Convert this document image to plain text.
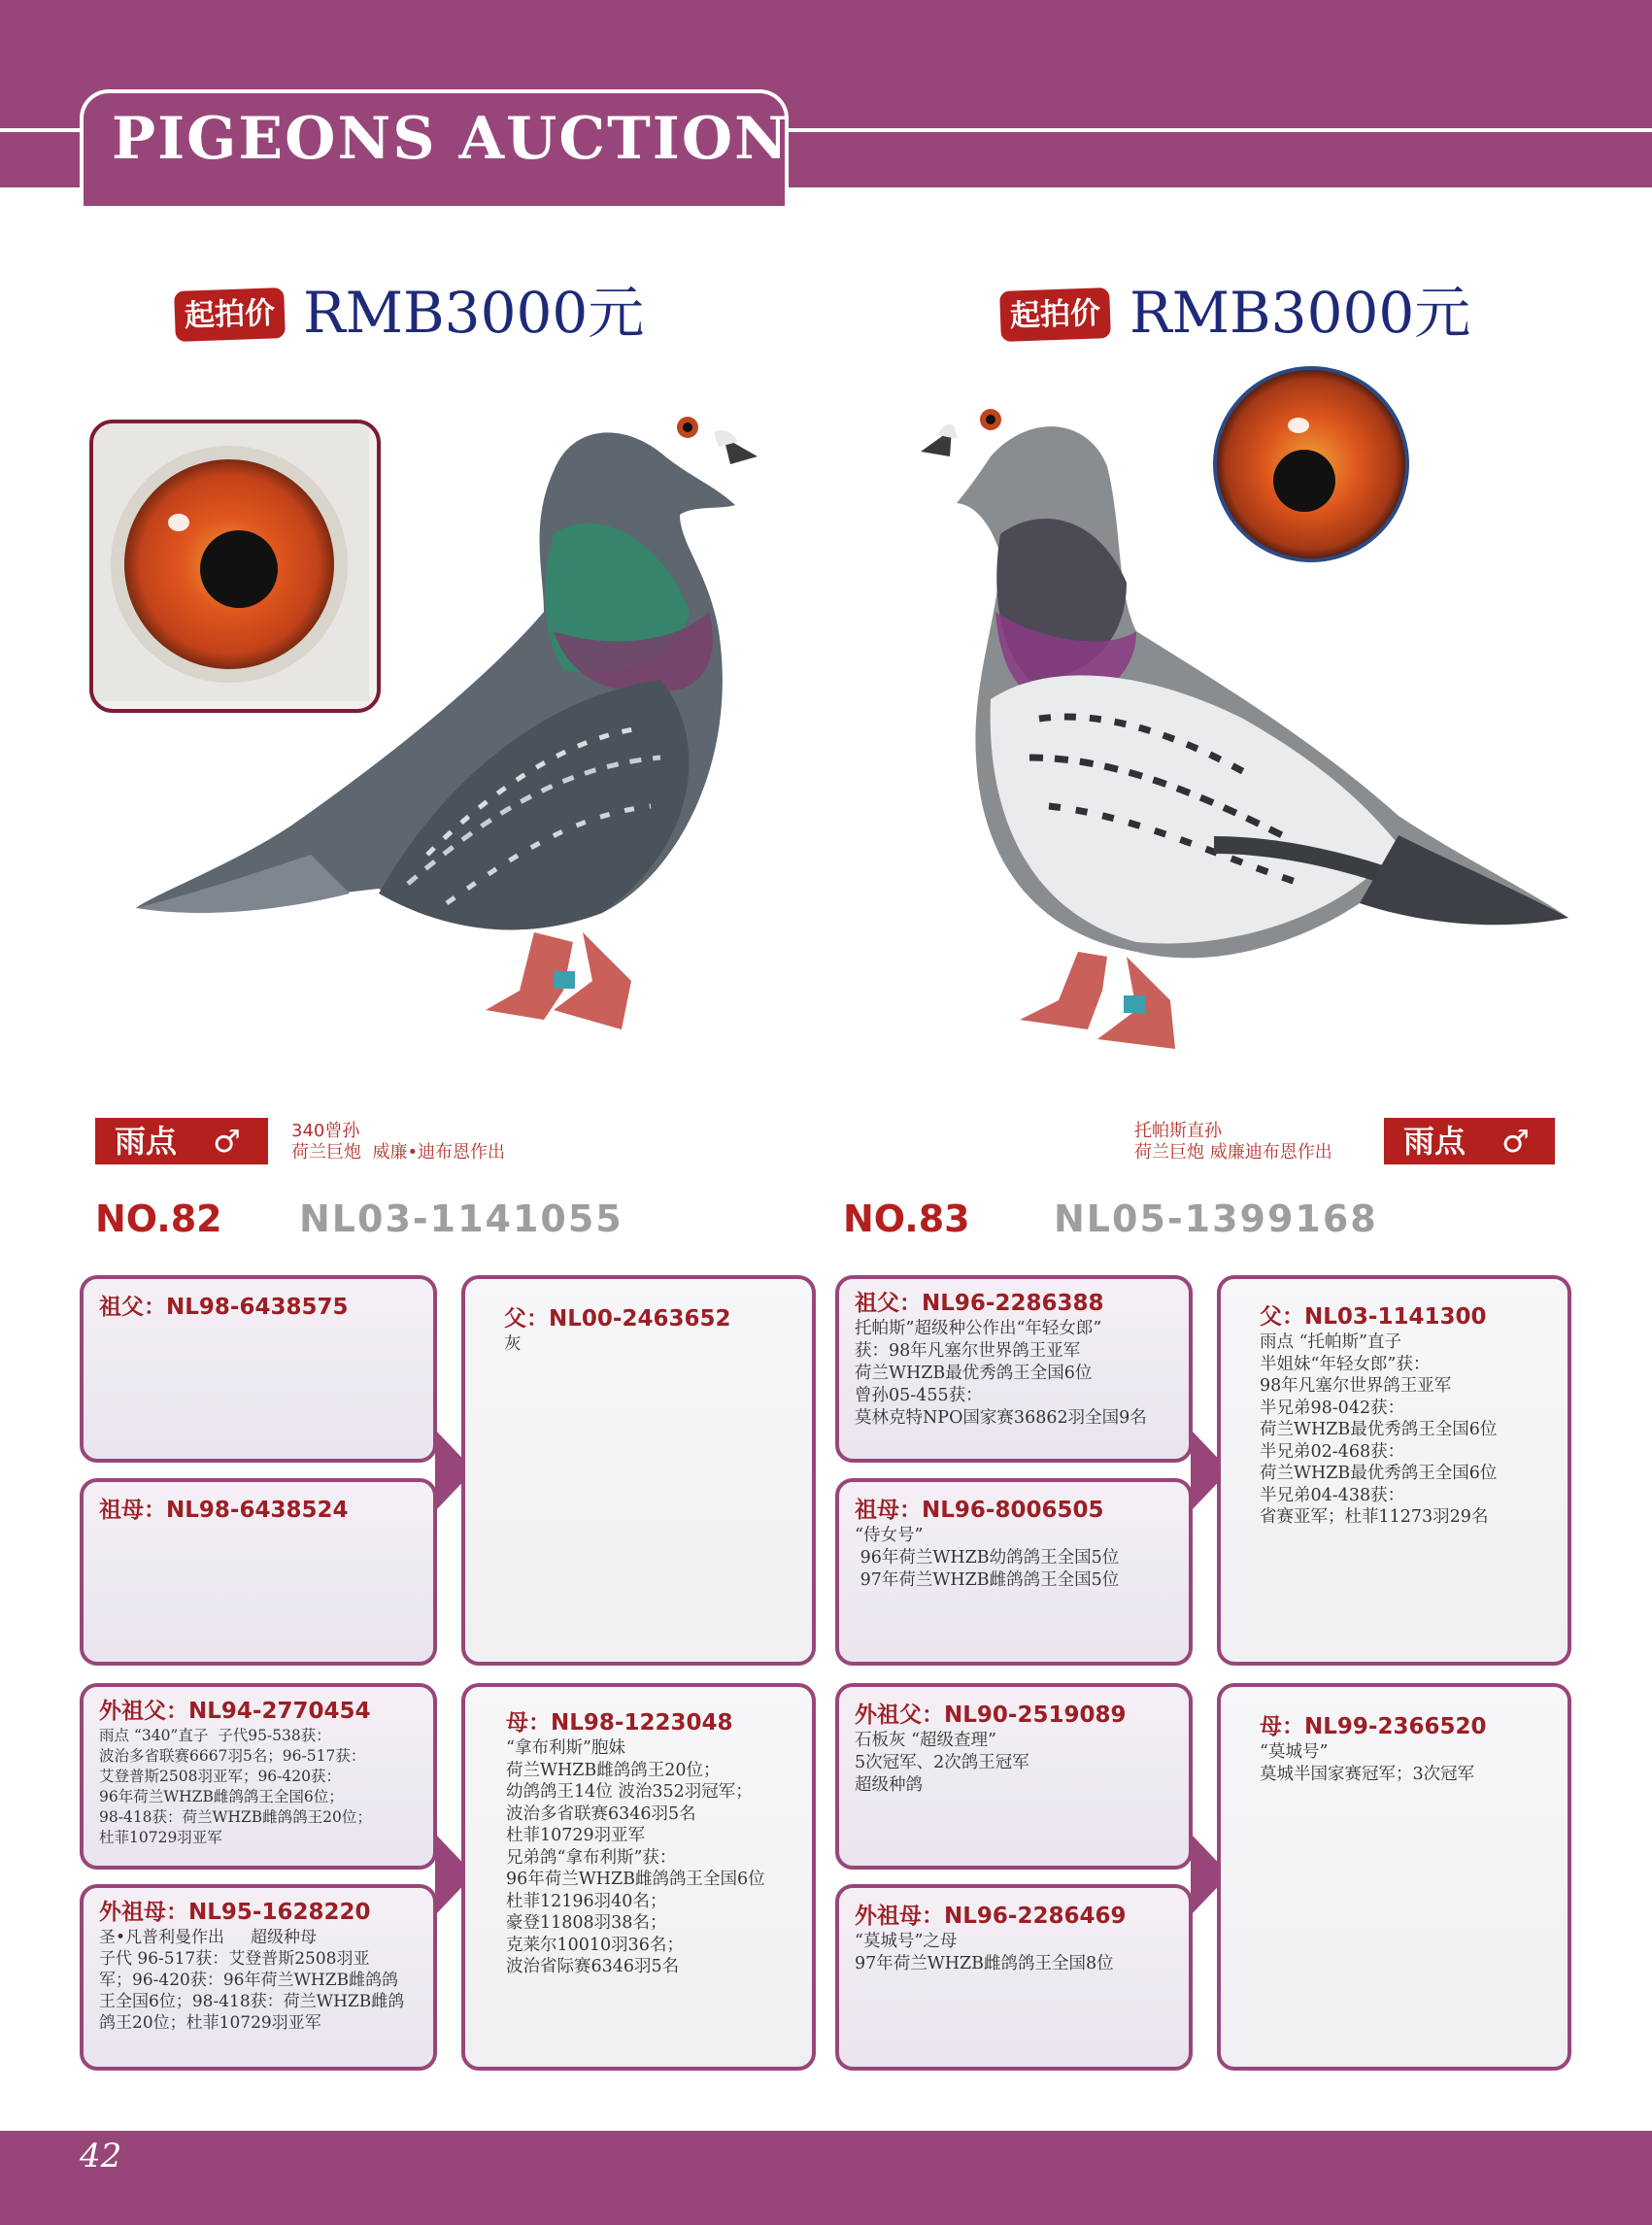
PIGEONS AUCTION
起拍价 RMB3000元	起拍价 RMB3000元
雨点 ♂	340曾孙
荷兰巨炮  威廉•迪布恩作出
托帕斯直孙
荷兰巨炮 威廉迪布恩作出	雨点 ♂
NO.82 NL03-1141055	NO.83 NL05-1399168
祖父：NL98-6438575
祖母：NL98-6438524
父：NL00-2463652
灰
外祖父：NL94-2770454
雨点 “340”直子  子代95-538获：
波治多省联赛6667羽5名；96-517获：
艾登普斯2508羽亚军；96-420获：
96年荷兰WHZB雌鸽鸽王全国6位；
98-418获：荷兰WHZB雌鸽鸽王20位；
杜菲10729羽亚军
外祖母：NL95-1628220
圣•凡普利曼作出     超级种母
子代 96-517获：艾登普斯2508羽亚
军；96-420获：96年荷兰WHZB雌鸽鸽
王全国6位；98-418获：荷兰WHZB雌鸽
鸽王20位；杜菲10729羽亚军
母：NL98-1223048
“拿布利斯”胞妹
荷兰WHZB雌鸽鸽王20位；
幼鸽鸽王14位 波治352羽冠军；
波治多省联赛6346羽5名
杜菲10729羽亚军
兄弟鸽“拿布利斯”获：
96年荷兰WHZB雌鸽鸽王全国6位
杜菲12196羽40名；
豪登11808羽38名；
克莱尔10010羽36名；
波治省际赛6346羽5名
祖父：NL96-2286388
托帕斯”超级种公作出“年轻女郎”
获：98年凡塞尔世界鸽王亚军
荷兰WHZB最优秀鸽王全国6位
曾孙05-455获：
莫林克特NPO国家赛36862羽全国9名
祖母：NL96-8006505
“侍女号”
96年荷兰WHZB幼鸽鸽王全国5位
97年荷兰WHZB雌鸽鸽王全国5位
父：NL03-1141300
雨点 “托帕斯”直子
半姐妹“年轻女郎”获：
98年凡塞尔世界鸽王亚军
半兄弟98-042获：
荷兰WHZB最优秀鸽王全国6位
半兄弟02-468获：
荷兰WHZB最优秀鸽王全国6位
半兄弟04-438获：
省赛亚军；杜菲11273羽29名
外祖父：NL90-2519089
石板灰 “超级查理”
5次冠军、2次鸽王冠军
超级种鸽
外祖母：NL96-2286469
“莫城号”之母
97年荷兰WHZB雌鸽鸽王全国8位
母：NL99-2366520
“莫城号”
莫城半国家赛冠军；3次冠军
42
